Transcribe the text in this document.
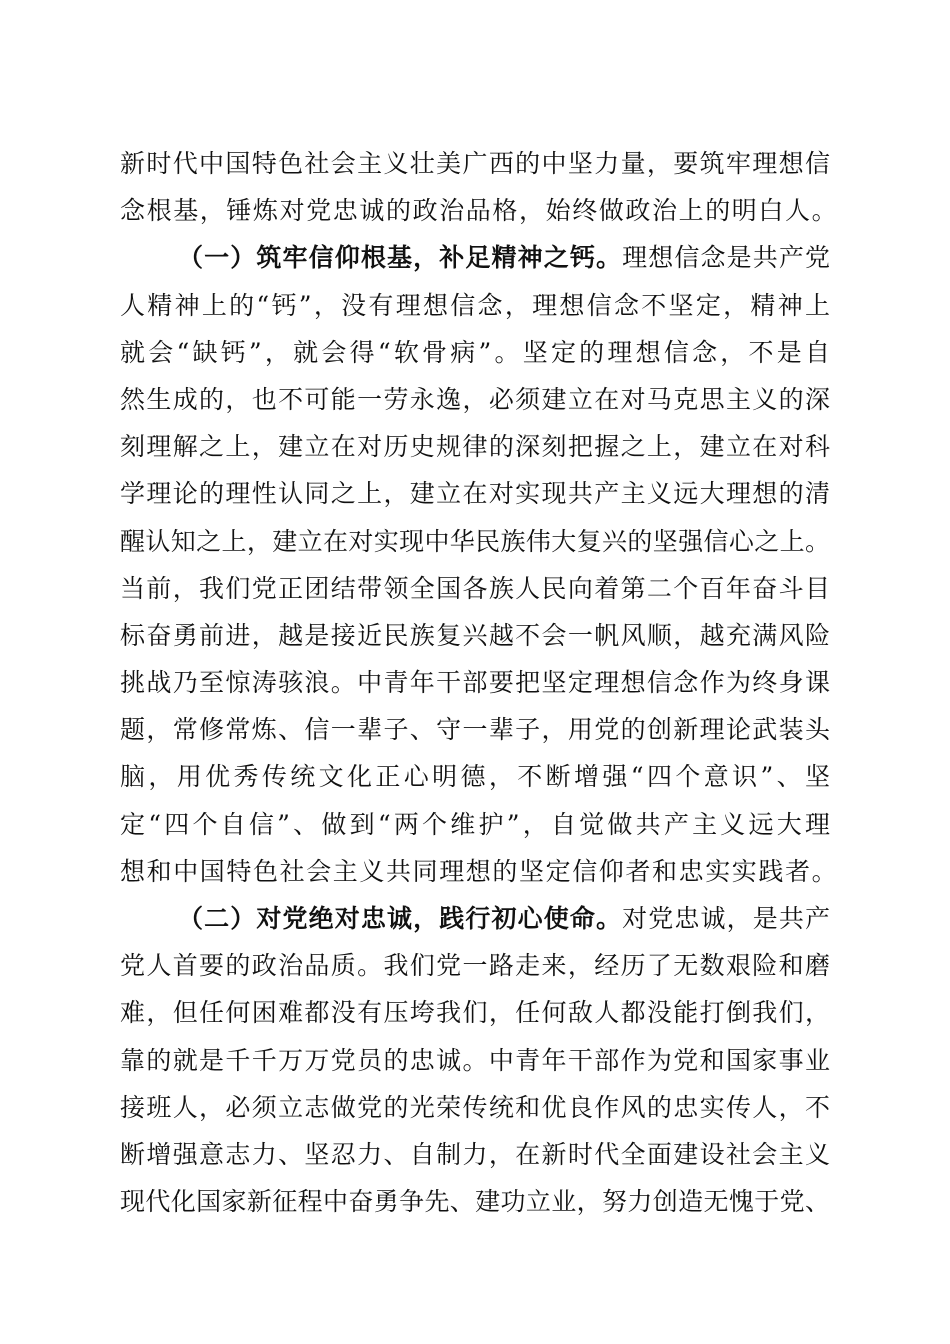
新时代中国特色社会主义壮美广西的中坚力量，要筑牢理想信
念根基，锤炼对党忠诚的政治品格，始终做政治上的明白人。
（一）筑牢信仰根基，补足精神之钙。理想信念是共产党
人精神上的“钙”，没有理想信念，理想信念不坚定，精神上
就会“缺钙”，就会得“软骨病”。坚定的理想信念，不是自
然生成的，也不可能一劳永逸，必须建立在对马克思主义的深
刻理解之上，建立在对历史规律的深刻把握之上，建立在对科
学理论的理性认同之上，建立在对实现共产主义远大理想的清
醒认知之上，建立在对实现中华民族伟大复兴的坚强信心之上。
当前，我们党正团结带领全国各族人民向着第二个百年奋斗目
标奋勇前进，越是接近民族复兴越不会一帆风顺，越充满风险
挑战乃至惊涛骇浪。中青年干部要把坚定理想信念作为终身课
题，常修常炼、信一辈子、守一辈子，用党的创新理论武装头
脑，用优秀传统文化正心明德，不断增强“四个意识”、坚
定“四个自信”、做到“两个维护”，自觉做共产主义远大理
想和中国特色社会主义共同理想的坚定信仰者和忠实实践者。
（二）对党绝对忠诚，践行初心使命。对党忠诚，是共产
党人首要的政治品质。我们党一路走来，经历了无数艰险和磨
难，但任何困难都没有压垮我们，任何敌人都没能打倒我们，
靠的就是千千万万党员的忠诚。中青年干部作为党和国家事业
接班人，必须立志做党的光荣传统和优良作风的忠实传人，不
断增强意志力、坚忍力、自制力，在新时代全面建设社会主义
现代化国家新征程中奋勇争先、建功立业，努力创造无愧于党、
